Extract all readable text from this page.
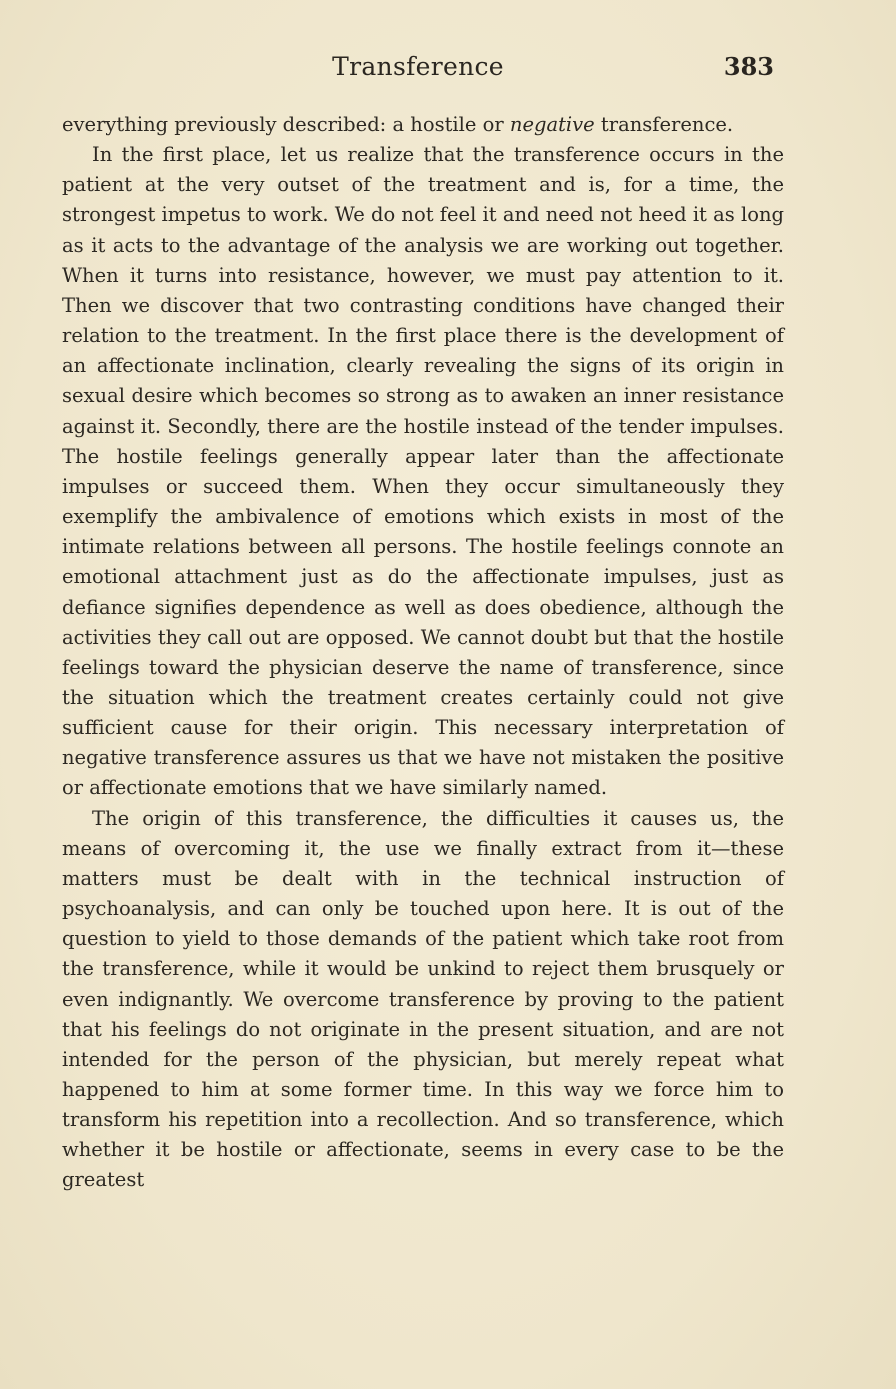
Transference	383

everything previously described: a hostile or negative transference.

In the first place, let us realize that the transference occurs in the patient at the very outset of the treatment and is, for a time, the strongest impetus to work. We do not feel it and need not heed it as long as it acts to the advantage of the analysis we are working out together. When it turns into resistance, however, we must pay attention to it. Then we discover that two contrasting conditions have changed their relation to the treatment. In the first place there is the development of an affectionate inclination, clearly revealing the signs of its origin in sexual desire which becomes so strong as to awaken an inner resistance against it. Secondly, there are the hostile instead of the tender impulses. The hostile feelings generally appear later than the affectionate impulses or succeed them. When they occur simultaneously they exemplify the ambivalence of emotions which exists in most of the intimate relations between all persons. The hostile feelings connote an emotional attachment just as do the affectionate impulses, just as defiance signifies dependence as well as does obedience, although the activities they call out are opposed. We cannot doubt but that the hostile feelings toward the physician deserve the name of transference, since the situation which the treatment creates certainly could not give sufficient cause for their origin. This necessary interpretation of negative transference assures us that we have not mistaken the positive or affectionate emotions that we have similarly named.

The origin of this transference, the difficulties it causes us, the means of overcoming it, the use we finally extract from it—these matters must be dealt with in the technical instruction of psychoanalysis, and can only be touched upon here. It is out of the question to yield to those demands of the patient which take root from the transference, while it would be unkind to reject them brusquely or even indignantly. We overcome transference by proving to the patient that his feelings do not originate in the present situation, and are not intended for the person of the physician, but merely repeat what happened to him at some former time. In this way we force him to transform his repetition into a recollection. And so transference, which whether it be hostile or affectionate, seems in every case to be the greatest
